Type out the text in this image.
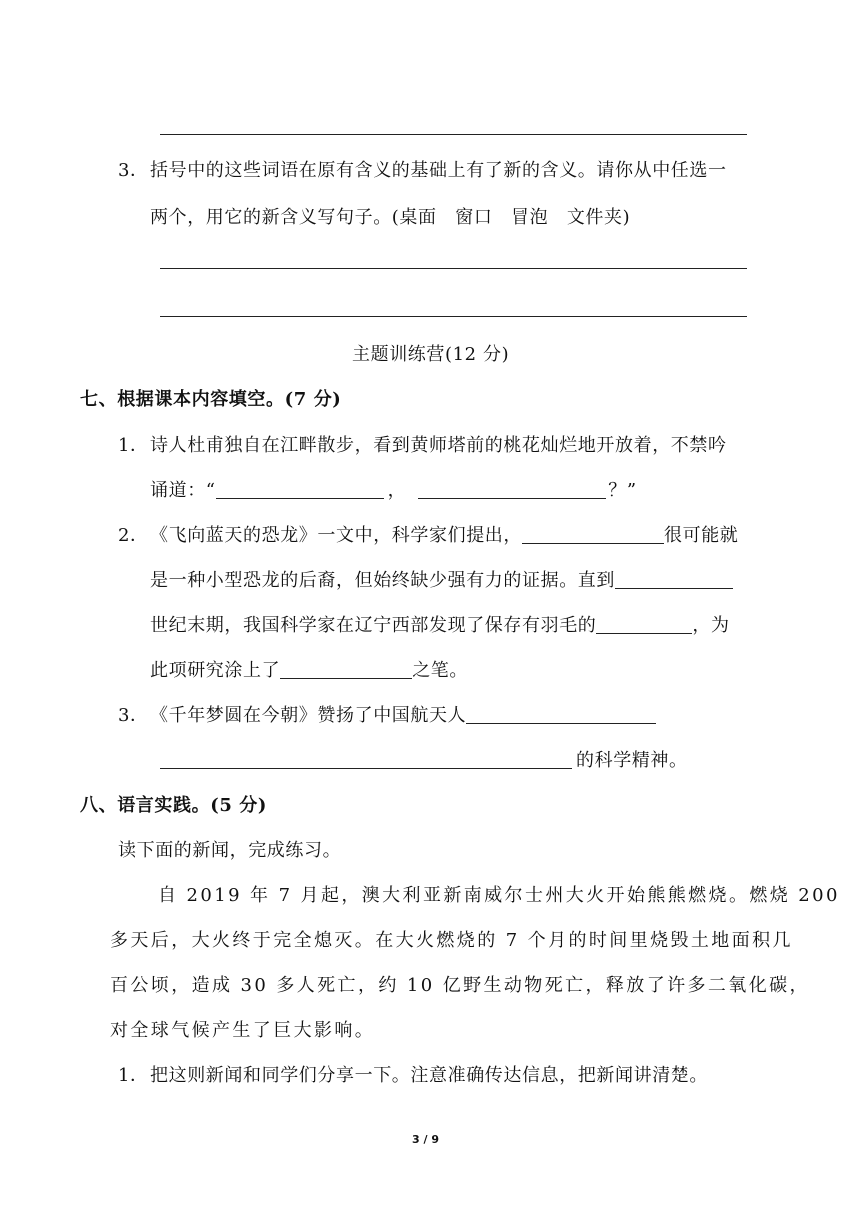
3． 括号中的这些词语在原有含义的基础上有了新的含义。请你从中任选一
两个，用它的新含义写句子。(桌面　窗口　冒泡　文件夹)
主题训练营(12 分)
七、根据课本内容填空。(7 分)
1． 诗人杜甫独自在江畔散步，看到黄师塔前的桃花灿烂地开放着，不禁吟
诵道：“	，	？”
2． 《飞向蓝天的恐龙》一文中，科学家们提出，	很可能就
是一种小型恐龙的后裔，但始终缺少强有力的证据。直到
世纪末期，我国科学家在辽宁西部发现了保存有羽毛的	，为
此项研究涂上了	之笔。
3． 《千年梦圆在今朝》赞扬了中国航天人
的科学精神。
八、语言实践。(5 分)
读下面的新闻，完成练习。
自 2019 年 7 月起，澳大利亚新南威尔士州大火开始熊熊燃烧。燃烧 200
多天后，大火终于完全熄灭。在大火燃烧的 7 个月的时间里烧毁土地面积几
百公顷，造成 30 多人死亡，约 10 亿野生动物死亡，释放了许多二氧化碳，
对全球气候产生了巨大影响。
1． 把这则新闻和同学们分享一下。注意准确传达信息，把新闻讲清楚。
3 / 9
